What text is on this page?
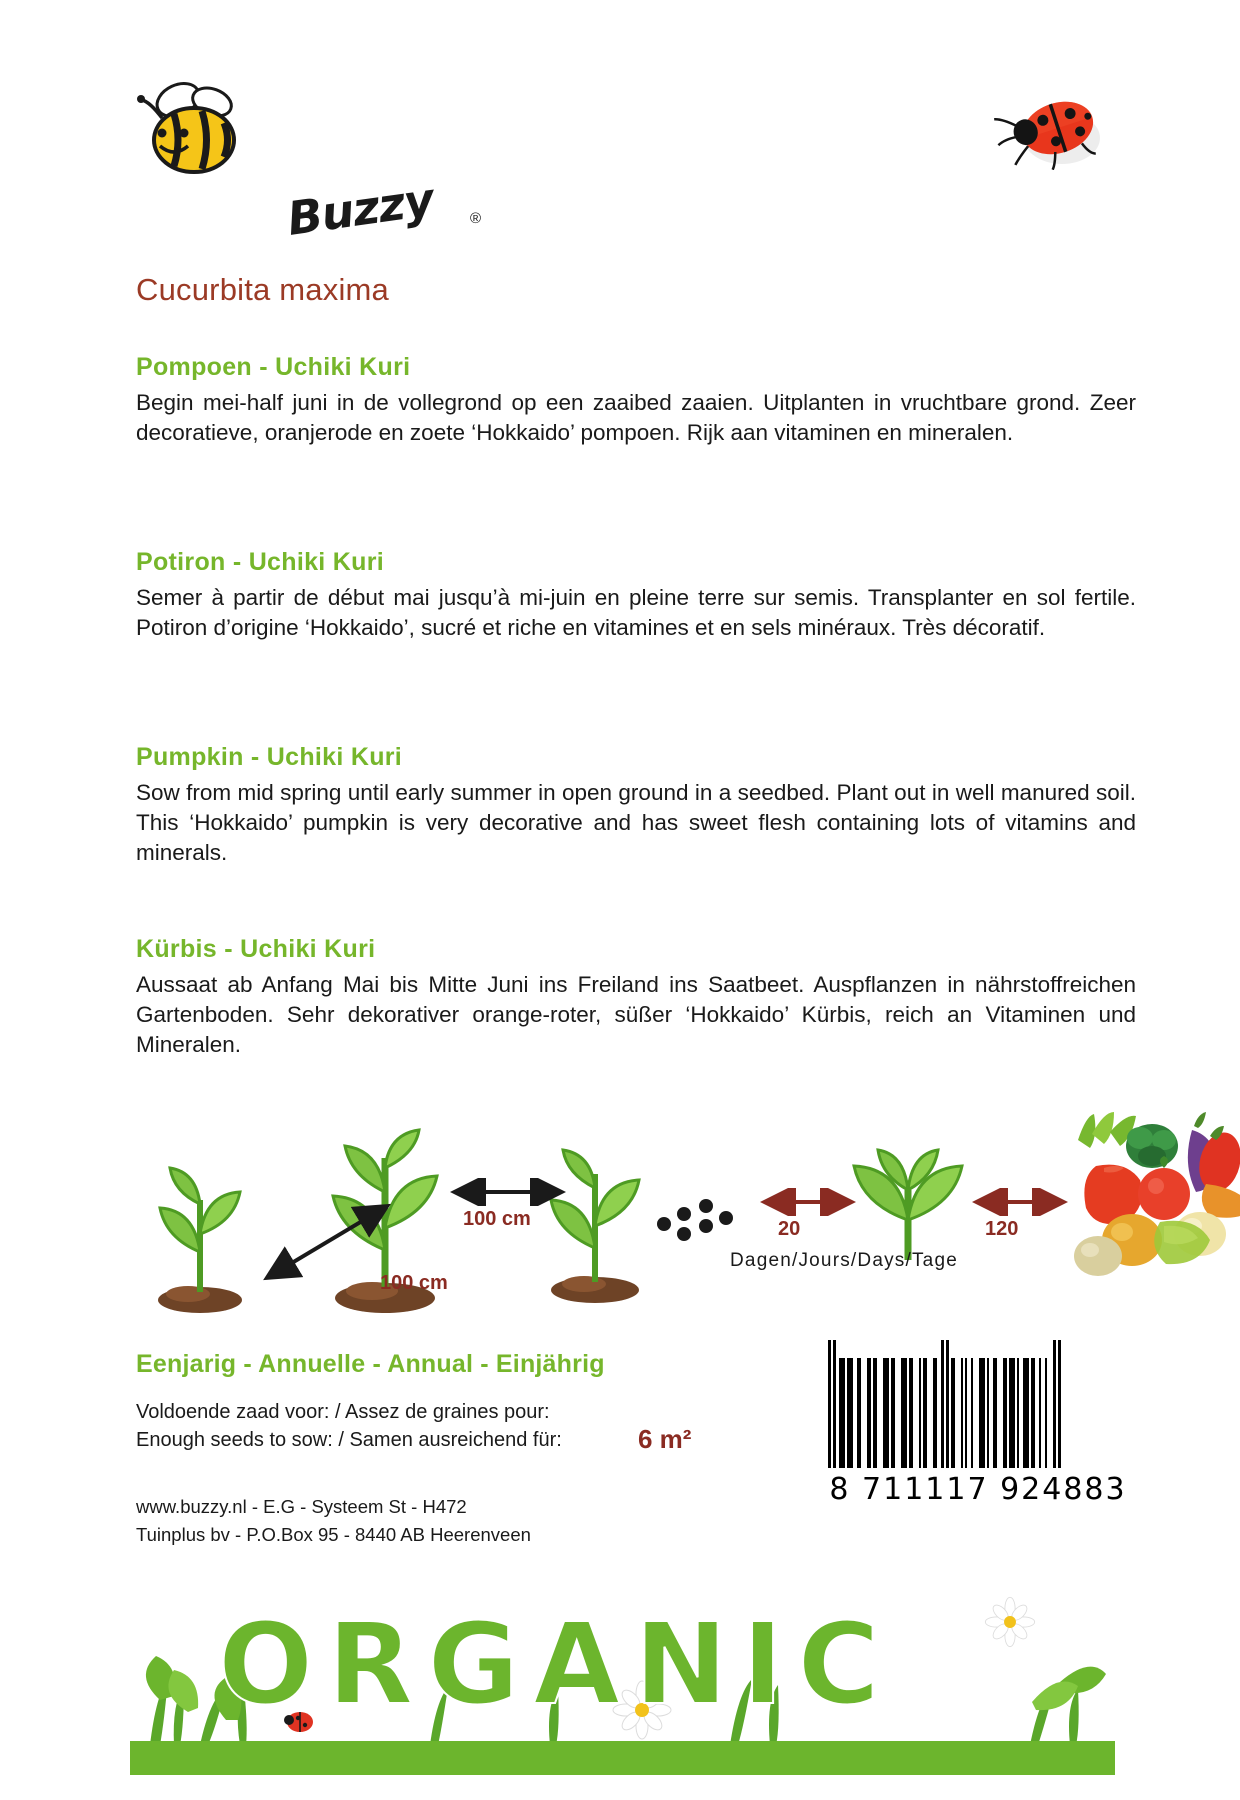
Buzzy ®
Cucurbita maxima
Pompoen - Uchiki Kuri

Begin mei-half juni in de vollegrond op een zaaibed zaaien. Uitplanten in vruchtbare grond. Zeer decoratieve, oranjerode en zoete ‘Hokkaido’ pompoen. Rijk aan vitaminen en mineralen.

Potiron - Uchiki Kuri

Semer à partir de début mai jusqu’à mi-juin en pleine terre sur semis. Transplanter en sol fertile. Potiron d’origine ‘Hokkaido’, sucré et riche en vitamines et en sels minéraux. Très décoratif.

Pumpkin - Uchiki Kuri

Sow from mid spring until early summer in open ground in a seedbed. Plant out in well manured soil. This ‘Hokkaido’ pumpkin is very decorative and has sweet flesh containing lots of vitamins and minerals.

Kürbis - Uchiki Kuri

Aussaat ab Anfang Mai bis Mitte Juni ins Freiland ins Saatbeet. Auspflanzen in nährstoffreichen Gartenboden. Sehr dekorativer orange-roter, süßer ‘Hokkaido’ Kürbis, reich an Vitaminen und Mineralen.

100 cm
100 cm	20	120
Dagen/Jours/Days/Tage
Eenjarig - Annuelle - Annual - Einjährig
Voldoende zaad voor: / Assez de graines pour:
Enough seeds to sow: / Samen ausreichend für:	6 m²
www.buzzy.nl - E.G - Systeem St - H472
Tuinplus bv - P.O.Box 95 - 8440 AB Heerenveen
8 711117 924883
ORGANIC
